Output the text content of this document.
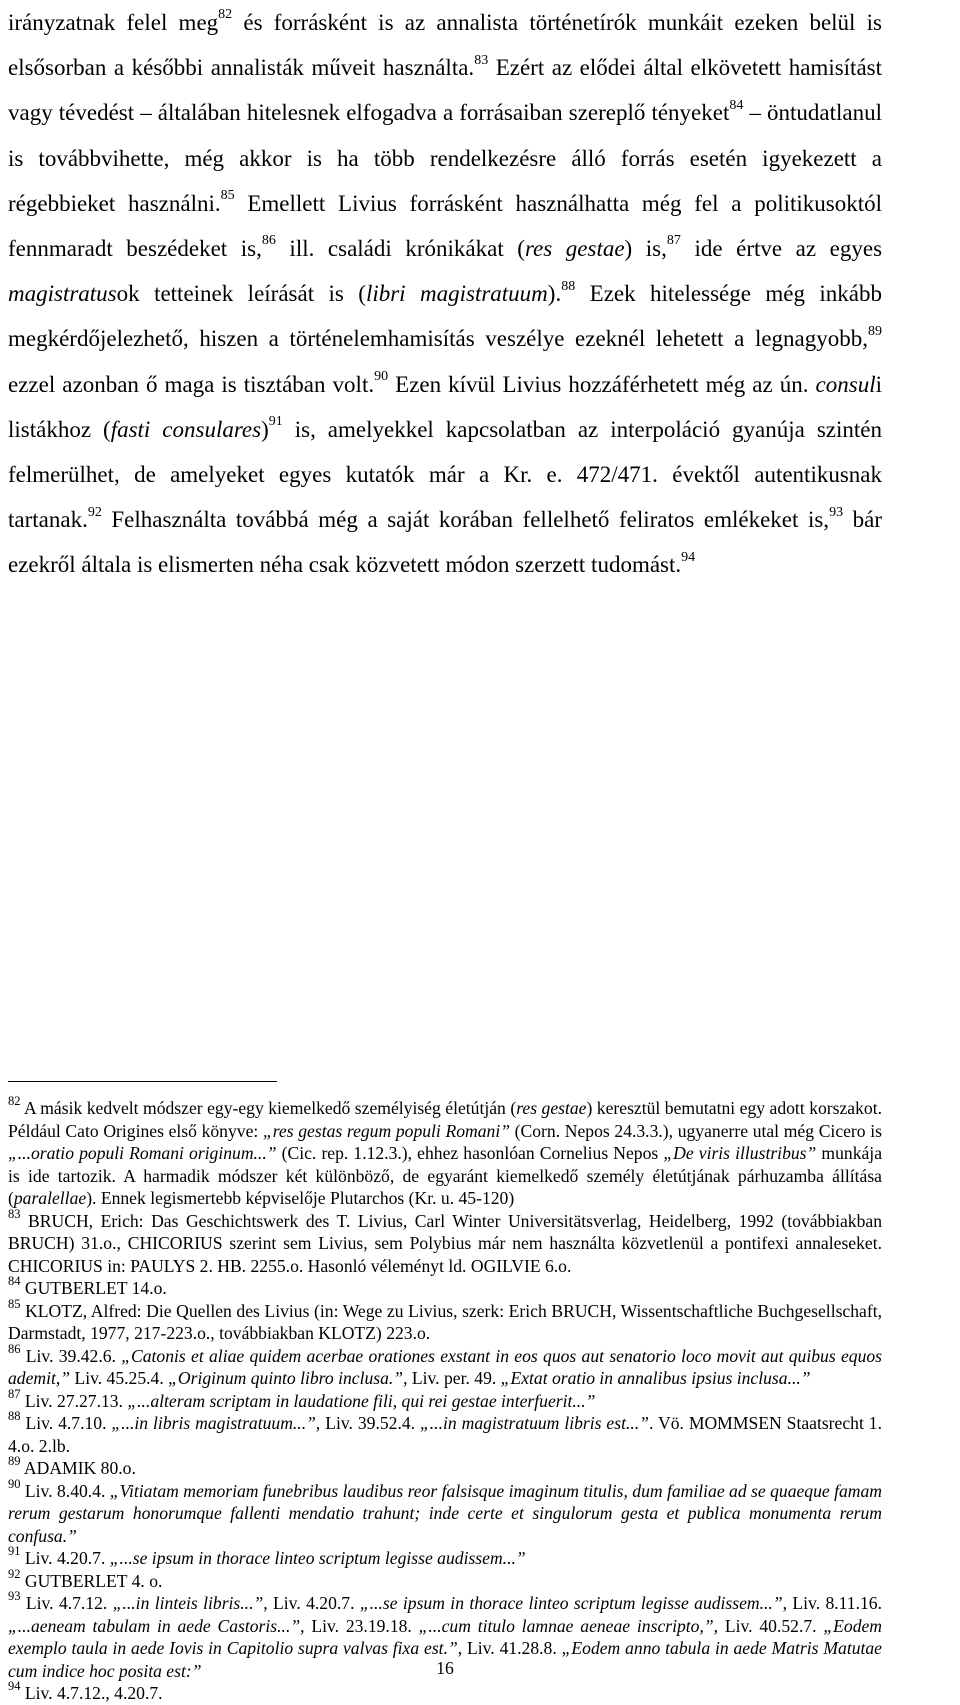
irányzatnak felel meg$^{82}$ és forrásként is az annalista történetírók munkáit ezeken belül is elsősorban a későbbi annalisták műveit használta.$^{83}$ Ezért az elődei által elkövetett hamisítást vagy tévedést – általában hitelesnek elfogadva a forrásaiban szereplő tényeket$^{84}$ – öntudatlanul is továbbvihette, még akkor is ha több rendelkezésre álló forrás esetén igyekezett a régebbieket használni.$^{85}$ Emellett Livius forrásként használhatta még fel a politikusoktól fennmaradt beszédeket is,$^{86}$ ill. családi krónikákat (res gestae) is,$^{87}$ ide értve az egyes magistratusok tetteinek leírását is (libri magistratuum).$^{88}$ Ezek hitelessége még inkább megkérdőjelezhető, hiszen a történelemhamisítás veszélye ezeknél lehetett a legnagyobb,$^{89}$ ezzel azonban ő maga is tisztában volt.$^{90}$ Ezen kívül Livius hozzáférhetett még az ún. consuli listákhoz (fasti consulares)$^{91}$ is, amelyekkel kapcsolatban az interpoláció gyanúja szintén felmerülhet, de amelyeket egyes kutatók már a Kr. e. 472/471. évektől autentikusnak tartanak.$^{92}$ Felhasználta továbbá még a saját korában fellelhető feliratos emlékeket is,$^{93}$ bár ezekről általa is elismerten néha csak közvetett módon szerzett tudomást.$^{94}$

$^{82}$ A másik kedvelt módszer egy-egy kiemelkedő személyiség életútján (res gestae) keresztül bemutatni egy adott korszakot. Például Cato Origines első könyve: „res gestas regum populi Romani” (Corn. Nepos 24.3.3.), ugyanerre utal még Cicero is „...oratio populi Romani originum...” (Cic. rep. 1.12.3.), ehhez hasonlóan Cornelius Nepos „De viris illustribus” munkája is ide tartozik. A harmadik módszer két különböző, de egyaránt kiemelkedő személy életútjának párhuzamba állítása (paralellae). Ennek legismertebb képviselője Plutarchos (Kr. u. 45-120)

$^{83}$ BRUCH, Erich: Das Geschichtswerk des T. Livius, Carl Winter Universitätsverlag, Heidelberg, 1992 (továbbiakban BRUCH) 31.o., CHICORIUS szerint sem Livius, sem Polybius már nem használta közvetlenül a pontifexi annaleseket. CHICORIUS in: PAULYS 2. HB. 2255.o. Hasonló véleményt ld. OGILVIE 6.o.

$^{84}$ GUTBERLET 14.o.

$^{85}$ KLOTZ, Alfred: Die Quellen des Livius (in: Wege zu Livius, szerk: Erich BRUCH, Wissentschaftliche Buchgesellschaft, Darmstadt, 1977, 217-223.o., továbbiakban KLOTZ) 223.o.

$^{86}$ Liv. 39.42.6. „Catonis et aliae quidem acerbae orationes exstant in eos quos aut senatorio loco movit aut quibus equos ademit,” Liv. 45.25.4. „Originum quinto libro inclusa.”, Liv. per. 49. „Extat oratio in annalibus ipsius inclusa...”

$^{87}$ Liv. 27.27.13. „...alteram scriptam in laudatione fili, qui rei gestae interfuerit...”

$^{88}$ Liv. 4.7.10. „...in libris magistratuum...”, Liv. 39.52.4. „...in magistratuum libris est...”. Vö. MOMMSEN Staatsrecht 1. 4.o. 2.lb.

$^{89}$ ADAMIK 80.o.

$^{90}$ Liv. 8.40.4. „Vitiatam memoriam funebribus laudibus reor falsisque imaginum titulis, dum familiae ad se quaeque famam rerum gestarum honorumque fallenti mendatio trahunt; inde certe et singulorum gesta et publica monumenta rerum confusa.”

$^{91}$ Liv. 4.20.7. „...se ipsum in thorace linteo scriptum legisse audissem...”

$^{92}$ GUTBERLET 4. o.

$^{93}$ Liv. 4.7.12. „...in linteis libris...”, Liv. 4.20.7. „...se ipsum in thorace linteo scriptum legisse audissem...”, Liv. 8.11.16. „...aeneam tabulam in aede Castoris...”, Liv. 23.19.18. „...cum titulo lamnae aeneae inscripto,”, Liv. 40.52.7. „Eodem exemplo taula in aede Iovis in Capitolio supra valvas fixa est.”, Liv. 41.28.8. „Eodem anno tabula in aede Matris Matutae cum indice hoc posita est:”

$^{94}$ Liv. 4.7.12., 4.20.7.

16
